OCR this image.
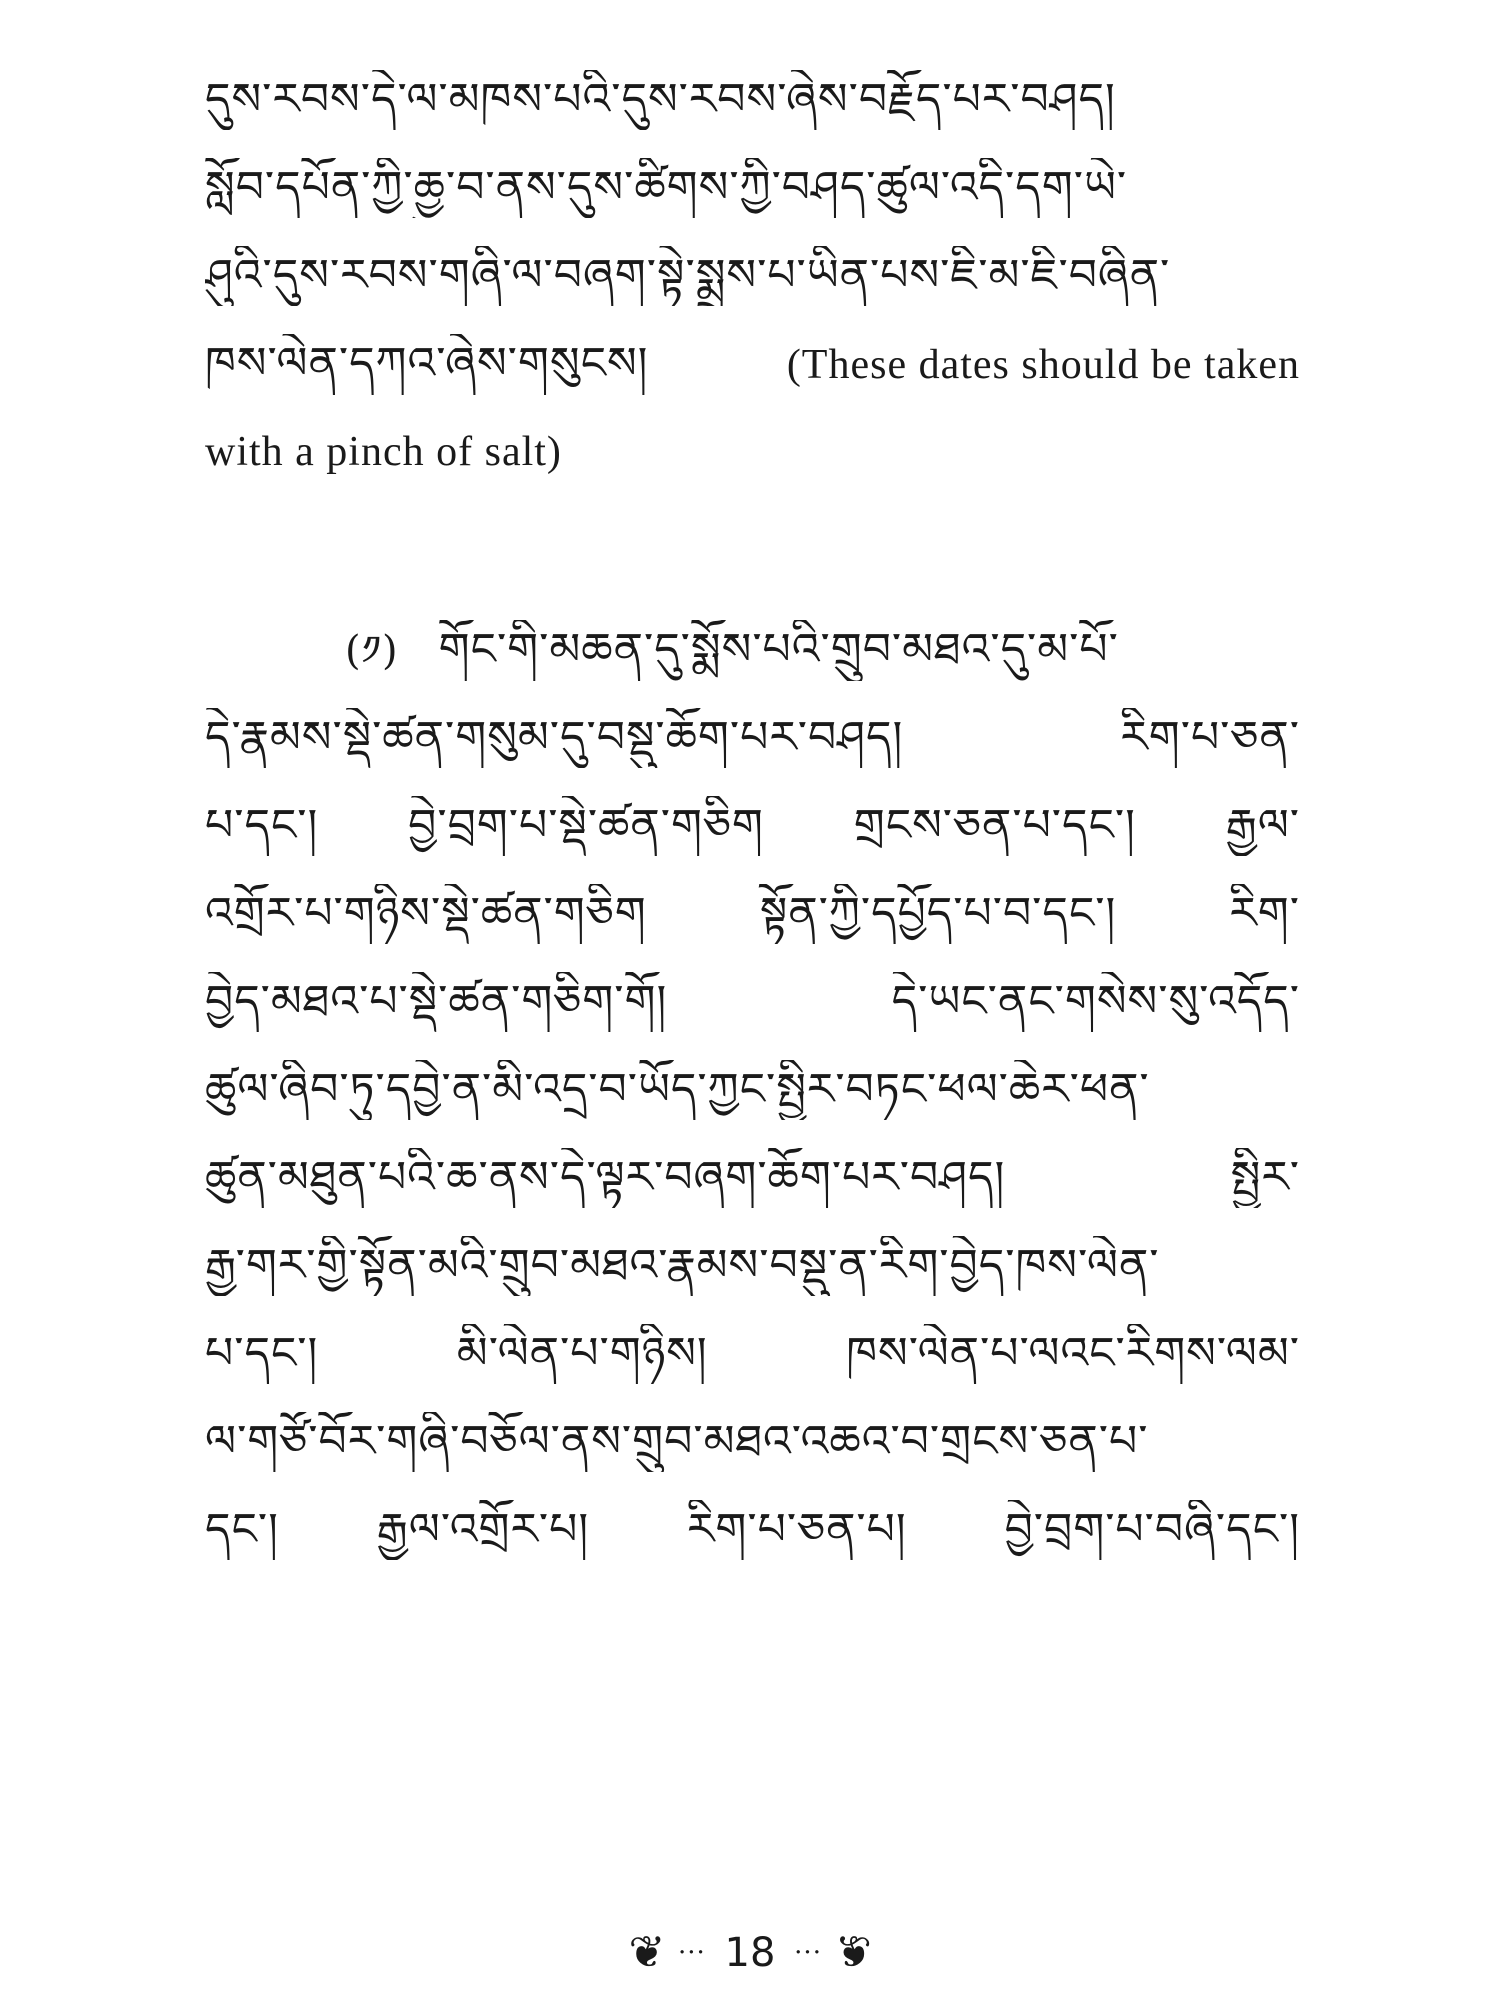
དུས་རབས་དེ་ལ་མཁས་པའི་དུས་རབས་ཞེས་བརྗོད་པར་བཤད།
སློབ་དཔོན་ཀྱི་ཆྱུ་བ་ནས་དུས་ཚིགས་ཀྱི་བཤད་ཚུལ་འདི་དག་ཡེ་
ཤུའི་དུས་རབས་གཞི་ལ་བཞག་སྟེ་སྨྲས་པ་ཡིན་པས་ཇི་མ་ཇི་བཞིན་
ཁས་ལེན་དཀའ་ཞེས་གསུངས།	(These dates should be taken
with a pinch of salt)
(༡) གོང་གི་མཆན་དུ་སྨོས་པའི་གྲུབ་མཐའ་དུ་མ་པོ་
དེ་རྣམས་སྡེ་ཚན་གསུམ་དུ་བསྡུ་ཆོག་པར་བཤད། རིག་པ་ཅན་
པ་དང་། བྱེ་བྲག་པ་སྡེ་ཚན་གཅིག གྲངས་ཅན་པ་དང་། རྒྱལ་
འགྲོར་པ་གཉིས་སྡེ་ཚན་གཅིག སྟོན་ཀྱི་དཔྱོད་པ་བ་དང་། རིག་
བྱེད་མཐའ་པ་སྡེ་ཚན་གཅིག་གོ། དེ་ཡང་ནང་གསེས་སུ་འདོད་
ཚུལ་ཞིབ་ཏུ་དབྱེ་ན་མི་འདྲ་བ་ཡོད་ཀྱང་སྤྱིར་བཏང་ཕལ་ཆེར་ཕན་
ཚུན་མཐུན་པའི་ཆ་ནས་དེ་ལྟར་བཞག་ཆོག་པར་བཤད། སྤྱིར་
རྒྱ་གར་གྱི་སྟོན་མའི་གྲུབ་མཐའ་རྣམས་བསྡུ་ན་རིག་བྱེད་ཁས་ལེན་
པ་དང་། མི་ལེན་པ་གཉིས། ཁས་ལེན་པ་ལའང་རིགས་ལམ་
ལ་གཙོ་བོར་གཞི་བཅོལ་ནས་གྲུབ་མཐའ་འཆའ་བ་གྲངས་ཅན་པ་
དང་། རྒྱལ་འགྲོར་པ། རིག་པ་ཅན་པ། བྱེ་བྲག་པ་བཞི་དང་།
❦ ··· 18 ··· ❦
